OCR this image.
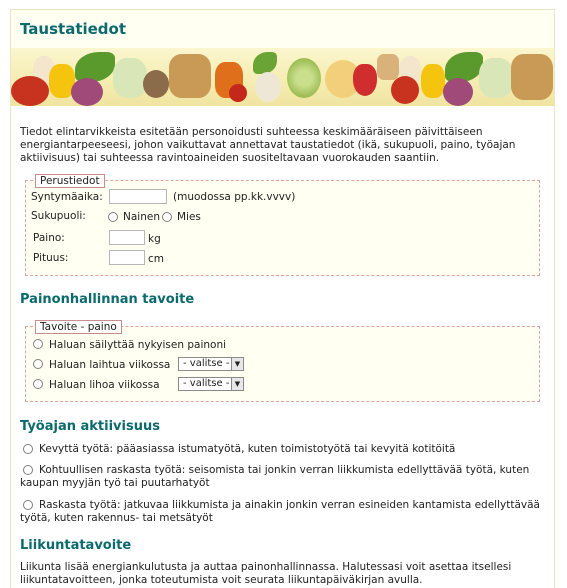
Taustatiedot
Tiedot elintarvikkeista esitetään personoidusti suhteessa keskimääräiseen päivittäiseen energiantarpeeseesi, johon vaikuttavat annettavat taustatiedot (ikä, sukupuoli, paino, työajan aktiivisuus) tai suhteessa ravintoaineiden suositeltavaan vuorokauden saantiin.
Perustiedot
Syntymäaika:	(muodossa pp.kk.vvvv)
Sukupuoli:	Nainen Mies
Paino:	kg
Pituus:	cm
Painonhallinnan tavoite
Tavoite - paino
Haluan säilyttää nykyisen painoni
Haluan laihtua viikossa	- valitse - ▼
Haluan lihoa viikossa	- valitse - ▼
Työajan aktiivisuus
Kevyttä työtä: pääasiassa istumatyötä, kuten toimistotyötä tai kevyitä kotitöitä
Kohtuullisen raskasta työtä: seisomista tai jonkin verran liikkumista edellyttävää työtä, kuten kaupan myyjän työ tai puutarhatyöt
Raskasta työtä: jatkuvaa liikkumista ja ainakin jonkin verran esineiden kantamista edellyttävää työtä, kuten rakennus- tai metsätyöt
Liikuntatavoite
Liikunta lisää energiankulutusta ja auttaa painonhallinnassa. Halutessasi voit asettaa itsellesi liikuntatavoitteen, jonka toteutumista voit seurata liikuntapäiväkirjan avulla.
